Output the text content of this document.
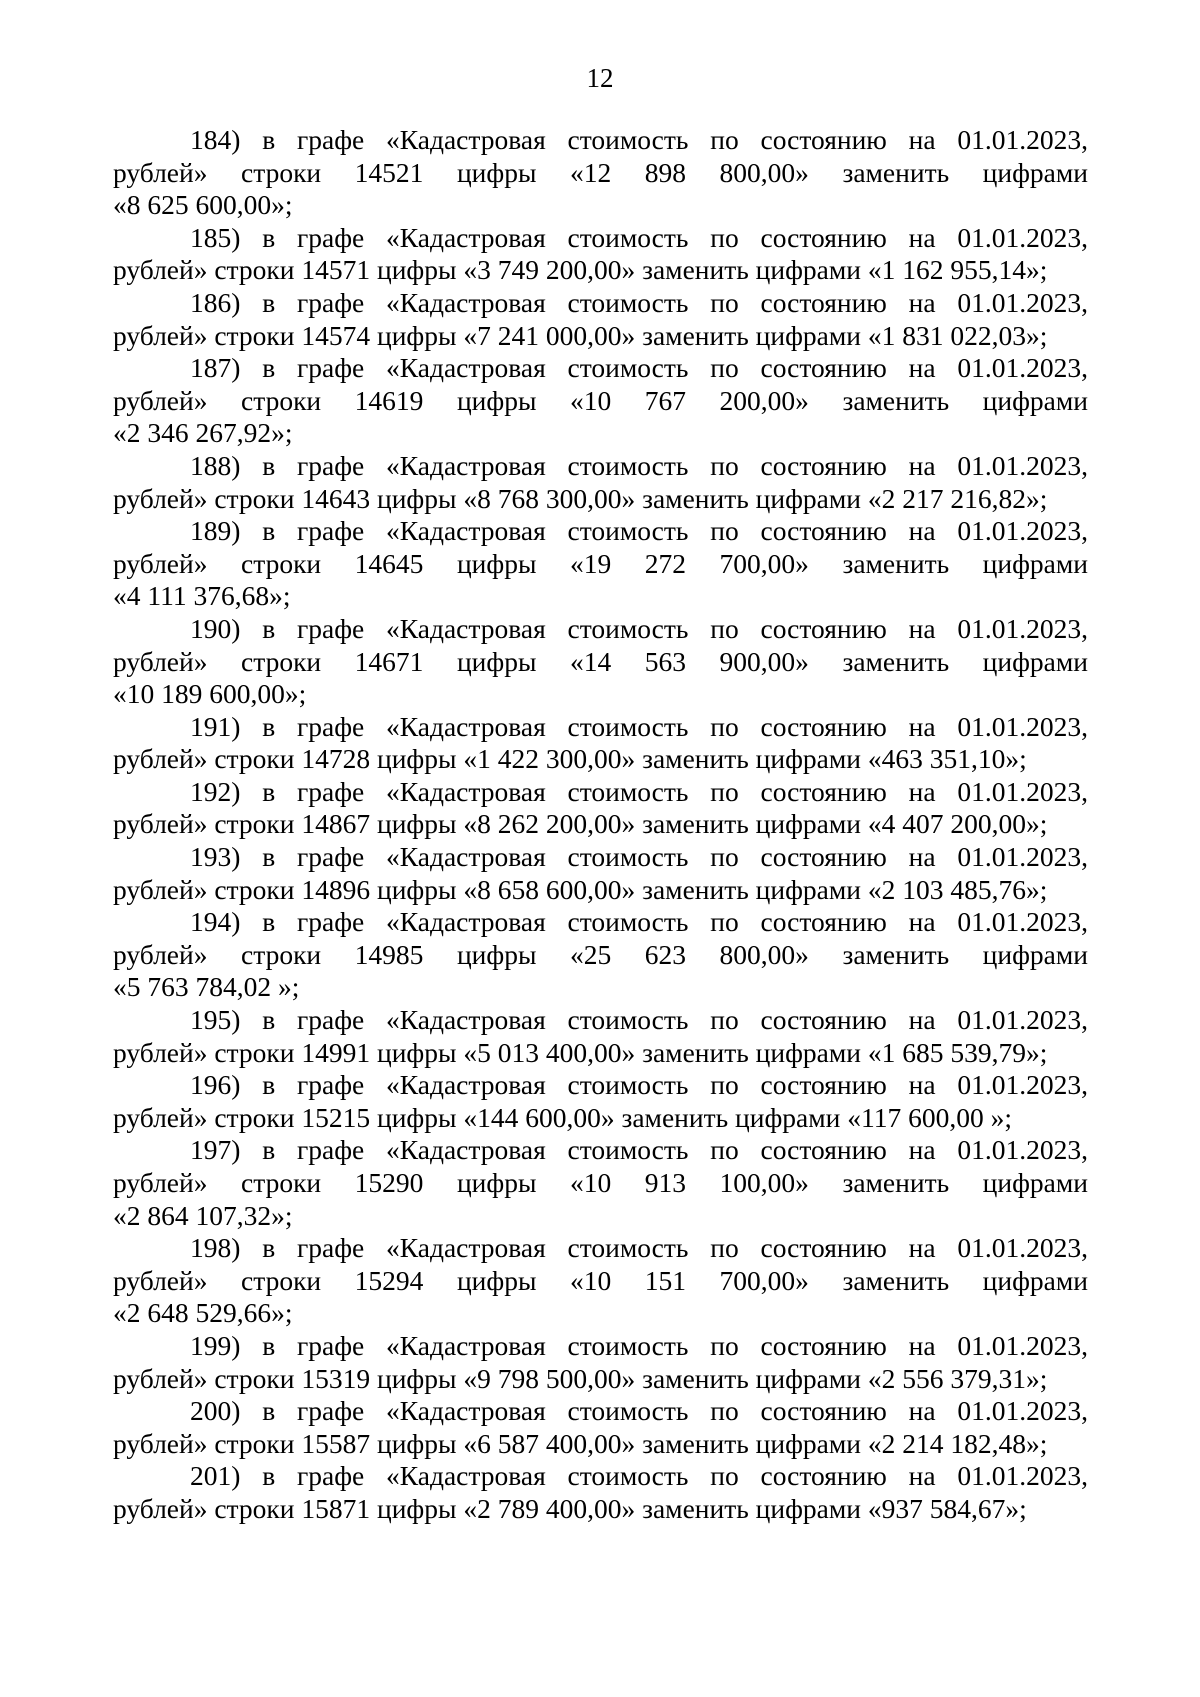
12
184) в графе «Кадастровая стоимость по состоянию на 01.01.2023,
рублей» строки 14521 цифры «12 898 800,00» заменить цифрами
«8 625 600,00»;
185) в графе «Кадастровая стоимость по состоянию на 01.01.2023,
рублей» строки 14571 цифры «3 749 200,00» заменить цифрами «1 162 955,14»;
186) в графе «Кадастровая стоимость по состоянию на 01.01.2023,
рублей» строки 14574 цифры «7 241 000,00» заменить цифрами «1 831 022,03»;
187) в графе «Кадастровая стоимость по состоянию на 01.01.2023,
рублей» строки 14619 цифры «10 767 200,00» заменить цифрами
«2 346 267,92»;
188) в графе «Кадастровая стоимость по состоянию на 01.01.2023,
рублей» строки 14643 цифры «8 768 300,00» заменить цифрами «2 217 216,82»;
189) в графе «Кадастровая стоимость по состоянию на 01.01.2023,
рублей» строки 14645 цифры «19 272 700,00» заменить цифрами
«4 111 376,68»;
190) в графе «Кадастровая стоимость по состоянию на 01.01.2023,
рублей» строки 14671 цифры «14 563 900,00» заменить цифрами
«10 189 600,00»;
191) в графе «Кадастровая стоимость по состоянию на 01.01.2023,
рублей» строки 14728 цифры «1 422 300,00» заменить цифрами «463 351,10»;
192) в графе «Кадастровая стоимость по состоянию на 01.01.2023,
рублей» строки 14867 цифры «8 262 200,00» заменить цифрами «4 407 200,00»;
193) в графе «Кадастровая стоимость по состоянию на 01.01.2023,
рублей» строки 14896 цифры «8 658 600,00» заменить цифрами «2 103 485,76»;
194) в графе «Кадастровая стоимость по состоянию на 01.01.2023,
рублей» строки 14985 цифры «25 623 800,00» заменить цифрами
«5 763 784,02 »;
195) в графе «Кадастровая стоимость по состоянию на 01.01.2023,
рублей» строки 14991 цифры «5 013 400,00» заменить цифрами «1 685 539,79»;
196) в графе «Кадастровая стоимость по состоянию на 01.01.2023,
рублей» строки 15215 цифры «144 600,00» заменить цифрами «117 600,00 »;
197) в графе «Кадастровая стоимость по состоянию на 01.01.2023,
рублей» строки 15290 цифры «10 913 100,00» заменить цифрами
«2 864 107,32»;
198) в графе «Кадастровая стоимость по состоянию на 01.01.2023,
рублей» строки 15294 цифры «10 151 700,00» заменить цифрами
«2 648 529,66»;
199) в графе «Кадастровая стоимость по состоянию на 01.01.2023,
рублей» строки 15319 цифры «9 798 500,00» заменить цифрами «2 556 379,31»;
200) в графе «Кадастровая стоимость по состоянию на 01.01.2023,
рублей» строки 15587 цифры «6 587 400,00» заменить цифрами «2 214 182,48»;
201) в графе «Кадастровая стоимость по состоянию на 01.01.2023,
рублей» строки 15871 цифры «2 789 400,00» заменить цифрами «937 584,67»;
